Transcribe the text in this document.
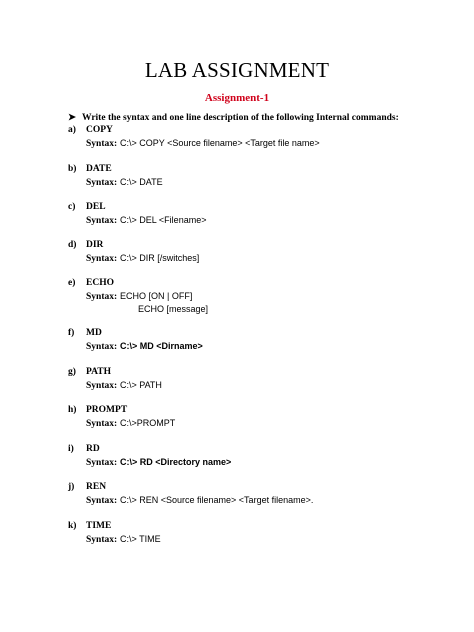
LAB ASSIGNMENT
Assignment-1
➤ Write the syntax and one line description of the following Internal commands:
a) COPY
Syntax: C:\> COPY <Source filename> <Target file name>
b) DATE
Syntax: C:\> DATE
c) DEL
Syntax: C:\> DEL <Filename>
d) DIR
Syntax: C:\> DIR [/switches]
e) ECHO
Syntax: ECHO [ON | OFF]
ECHO [message]
f) MD
Syntax: C:\> MD <Dirname>
g) PATH
Syntax: C:\> PATH
h) PROMPT
Syntax: C:\>PROMPT
i) RD
Syntax: C:\> RD <Directory name>
j) REN
Syntax: C:\> REN <Source filename> <Target filename>.
k) TIME
Syntax: C:\> TIME
